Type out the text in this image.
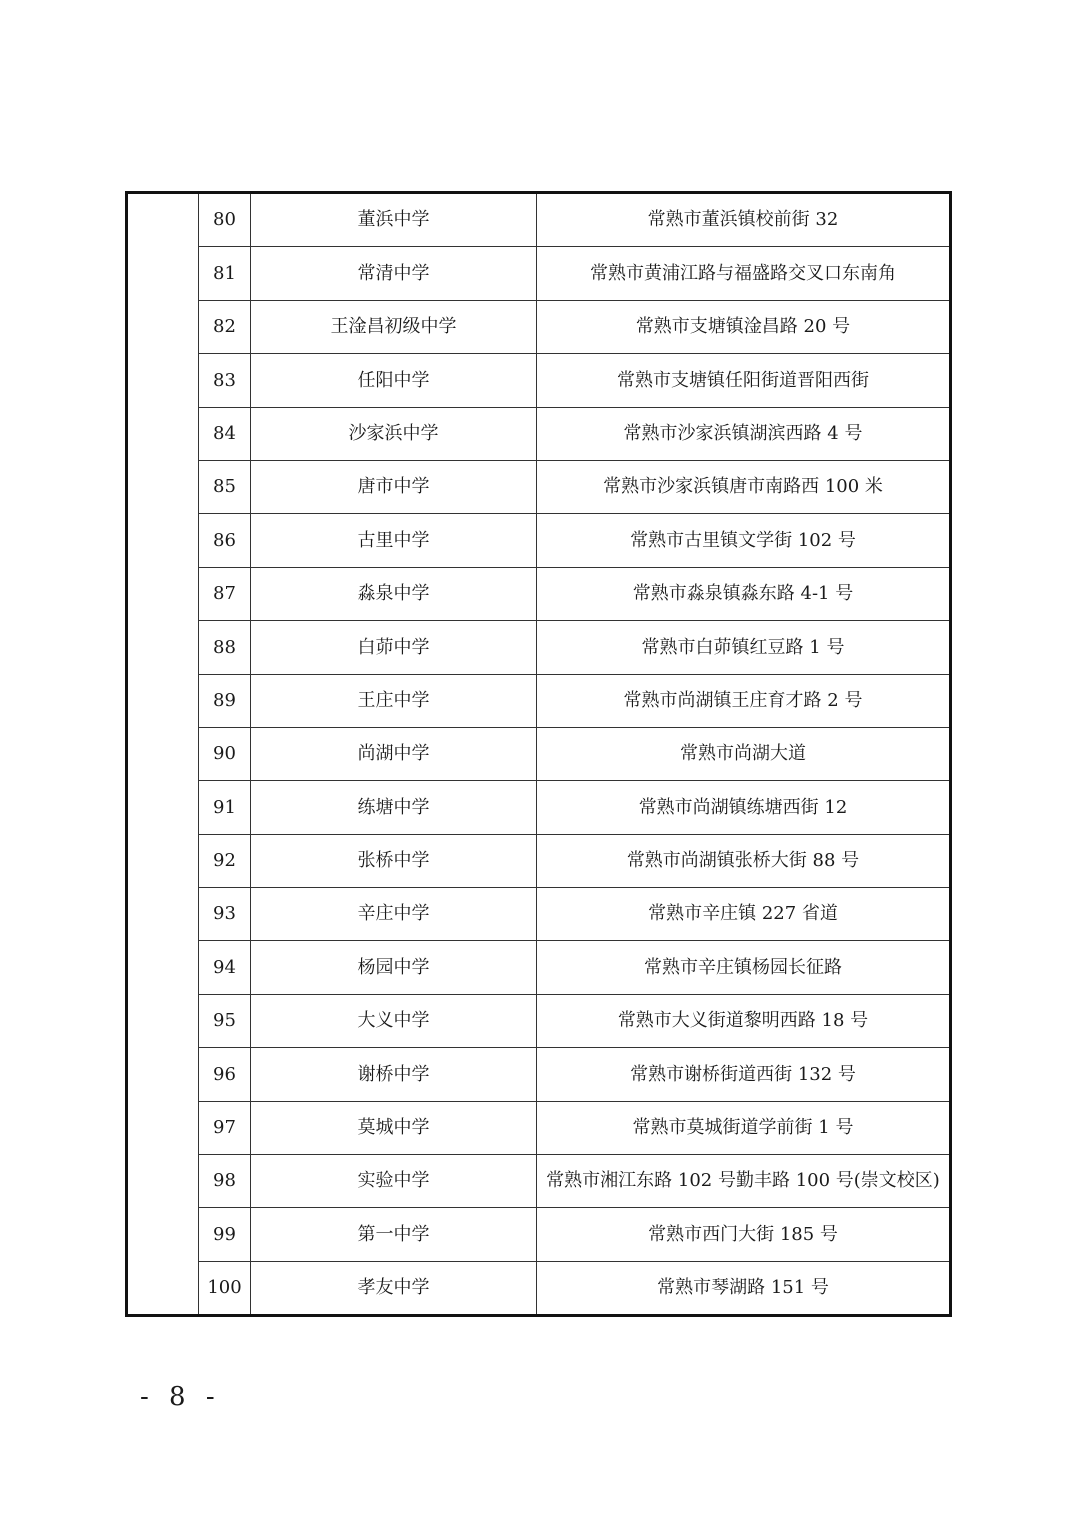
	80	董浜中学	常熟市董浜镇校前街 32
	81	常清中学	常熟市黄浦江路与福盛路交叉口东南角
	82	王淦昌初级中学	常熟市支塘镇淦昌路 20 号
	83	任阳中学	常熟市支塘镇任阳街道晋阳西街
	84	沙家浜中学	常熟市沙家浜镇湖滨西路 4 号
	85	唐市中学	常熟市沙家浜镇唐市南路西 100 米
	86	古里中学	常熟市古里镇文学街 102 号
	87	淼泉中学	常熟市淼泉镇淼东路 4-1 号
	88	白茆中学	常熟市白茆镇红豆路 1 号
	89	王庄中学	常熟市尚湖镇王庄育才路 2 号
	90	尚湖中学	常熟市尚湖大道
	91	练塘中学	常熟市尚湖镇练塘西街 12
	92	张桥中学	常熟市尚湖镇张桥大街 88 号
	93	辛庄中学	常熟市辛庄镇 227 省道
	94	杨园中学	常熟市辛庄镇杨园长征路
	95	大义中学	常熟市大义街道黎明西路 18 号
	96	谢桥中学	常熟市谢桥街道西街 132 号
	97	莫城中学	常熟市莫城街道学前街 1 号
	98	实验中学	常熟市湘江东路 102 号勤丰路 100 号(崇文校区)
	99	第一中学	常熟市西门大街 185 号
	100	孝友中学	常熟市琴湖路 151 号
- 8 -
